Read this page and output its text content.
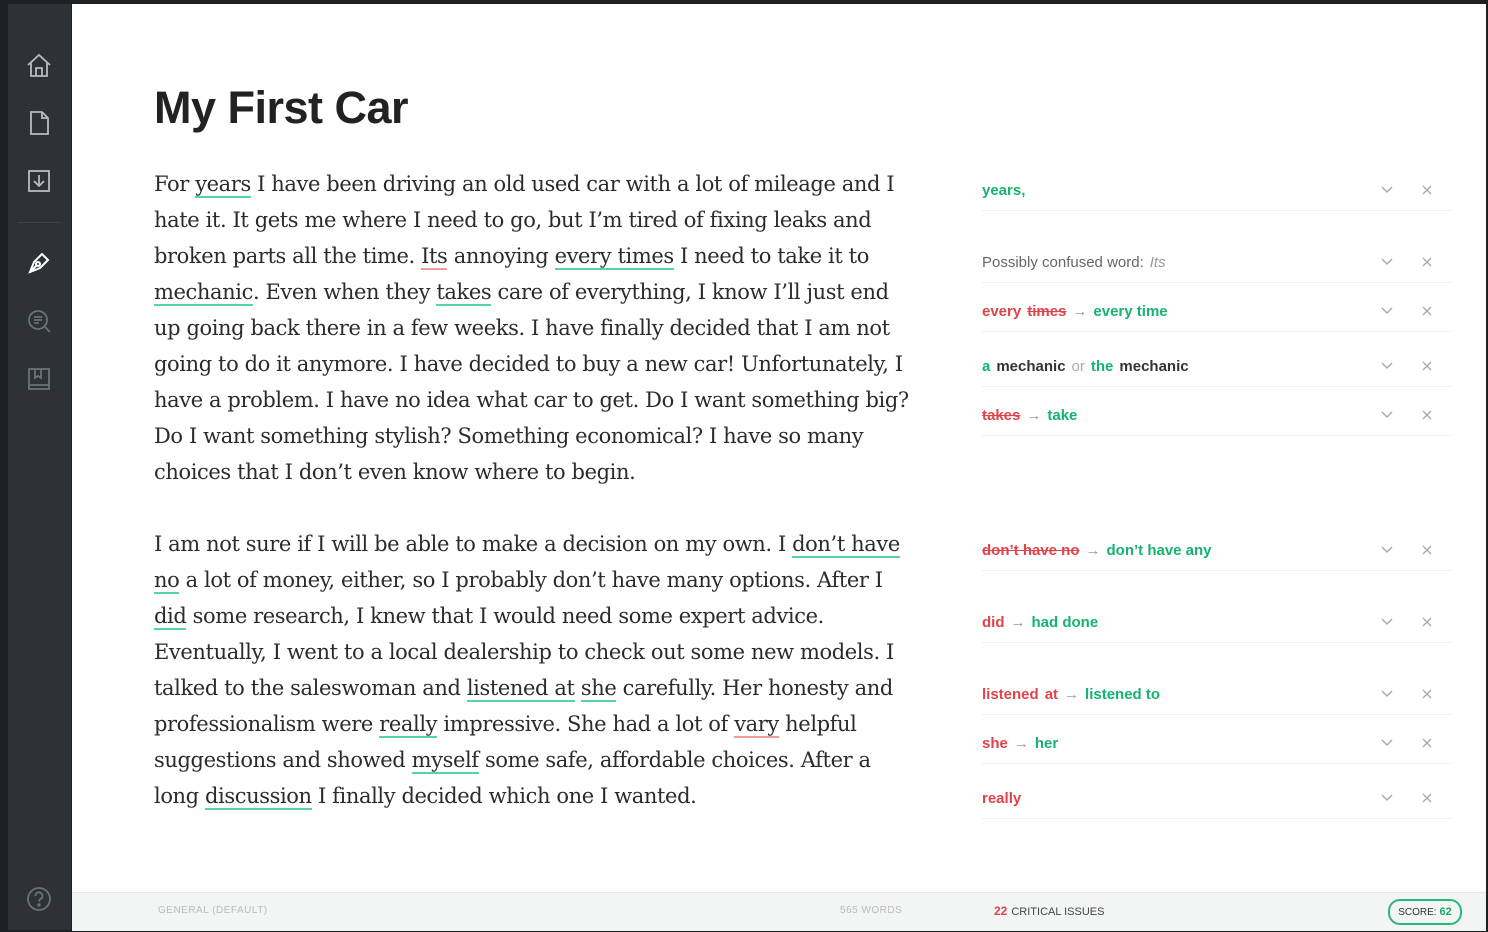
My First Car

For years I have been driving an old used car with a lot of mileage and I hate it. It gets me where I need to go, but I’m tired of fixing leaks and broken parts all the time. Its annoying every times I need to take it to mechanic. Even when they takes care of everything, I know I’ll just end up going back there in a few weeks. I have finally decided that I am not going to do it anymore. I have decided to buy a new car! Unfortunately, I have a problem. I have no idea what car to get. Do I want something big? Do I want something stylish? Something economical? I have so many choices that I don’t even know where to begin.

I am not sure if I will be able to make a decision on my own. I don’t have no a lot of money, either, so I probably don’t have many options. After I did some research, I knew that I would need some expert advice. Eventually, I went to a local dealership to check out some new models. I talked to the saleswoman and listened at she carefully. Her honesty and professionalism were really impressive. She had a lot of vary helpful suggestions and showed myself some safe, affordable choices. After a long discussion I finally decided which one I wanted.

years,
Possibly confused word: Its
every times → every time
a mechanic or the mechanic
takes → take
don’t have no → don’t have any
did → had done
listened at → listened to
she → her
really
GENERAL (DEFAULT)	565 WORDS	22 CRITICAL ISSUES	SCORE: 62
